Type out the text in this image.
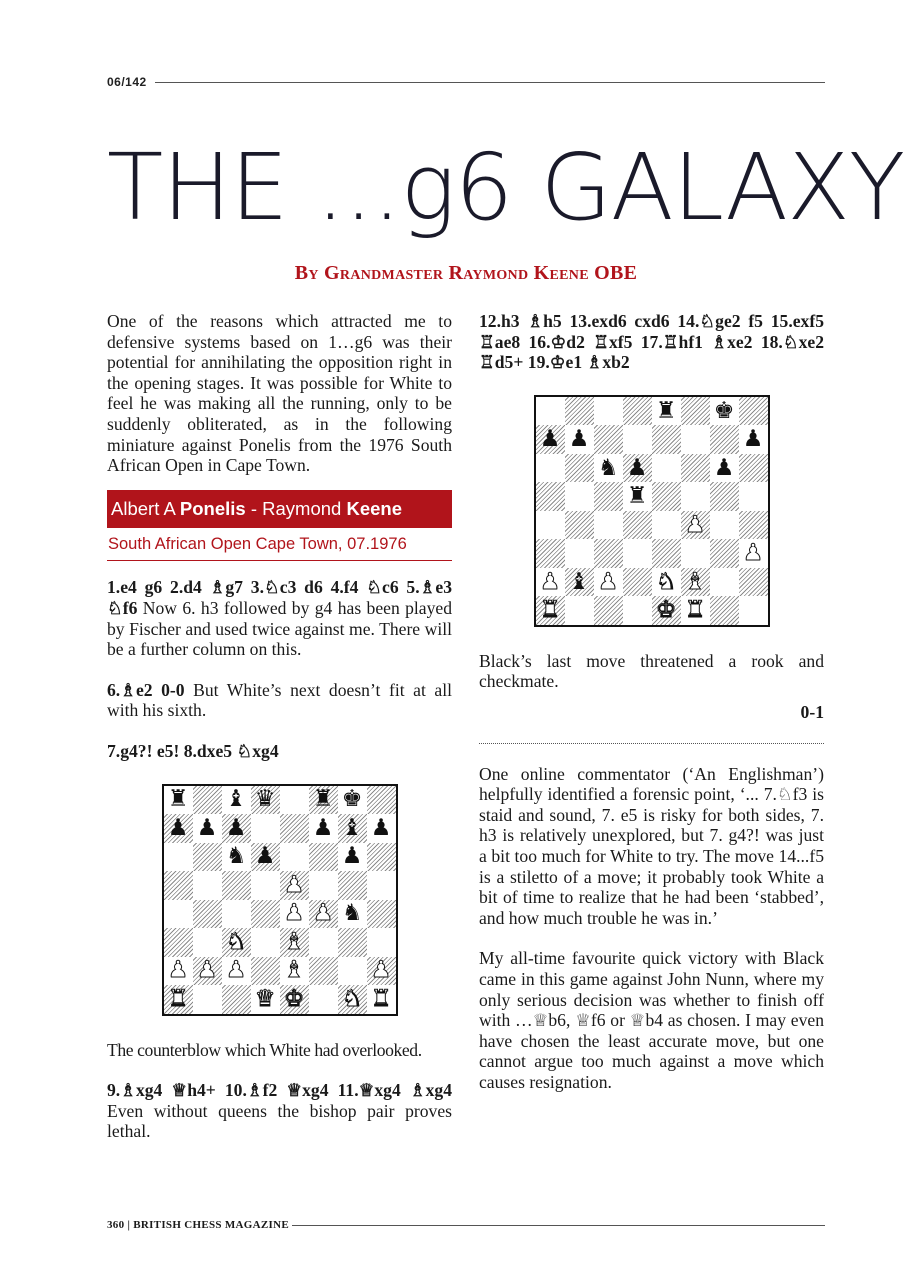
06/142
THE ...g6 GALAXY
By Grandmaster Raymond Keene OBE

One of the reasons which attracted me to defensive systems based on 1…g6 was their potential for annihilating the opposition right in the opening stages. It was possible for White to feel he was making all the running, only to be suddenly obliterated, as in the following miniature against Ponelis from the 1976 South African Open in Cape Town.

Albert A Ponelis - Raymond Keene
South African Open Cape Town, 07.1976

1.e4 g6 2.d4 ♗g7 3.♘c3 d6 4.f4 ♘c6 5.♗e3 ♘f6 Now 6. h3 followed by g4 has been played by Fischer and used twice against me. There will be a further column on this.

6.♗e2 0-0 But White’s next doesn’t fit at all with his sixth.

7.g4?! e5! 8.dxe5 ♘xg4

♜ ♝ ♛ ♜ ♚
♟ ♟ ♟	♟ ♝ ♟
♞ ♟	♟
♟
♟ ♟ ♞
♞ ♝
♟ ♟ ♟ ♝	♟
♜	♛ ♚ ♞ ♜

The counterblow which White had overlooked.

9.♗xg4 ♕h4+ 10.♗f2 ♕xg4 11.♕xg4 ♗xg4 Even without queens the bishop pair proves lethal.

12.h3 ♗h5 13.exd6 cxd6 14.♘ge2 f5 15.exf5 ♖ae8 16.♔d2 ♖xf5 17.♖hf1 ♗xe2 18.♘xe2 ♖d5+ 19.♔e1 ♗xb2

♜ ♚
♟ ♟	♟
♞ ♟	♟
♜
♟
♟
♟ ♝ ♟ ♞ ♝
♜	♚ ♜

Black’s last move threatened a rook and checkmate.

0-1

One online commentator (‘An Englishman’) helpfully identified a forensic point, ‘... 7.♘f3 is staid and sound, 7. e5 is risky for both sides, 7. h3 is relatively unexplored, but 7. g4?! was just a bit too much for White to try. The move 14...f5 is a stiletto of a move; it probably took White a bit of time to realize that he had been ‘stabbed’, and how much trouble he was in.’

My all-time favourite quick victory with Black came in this game against John Nunn, where my only serious decision was whether to finish off with …♕b6, ♕f6 or ♕b4 as chosen. I may even have chosen the least accurate move, but one cannot argue too much against a move which causes resignation.

360 | BRITISH CHESS MAGAZINE
